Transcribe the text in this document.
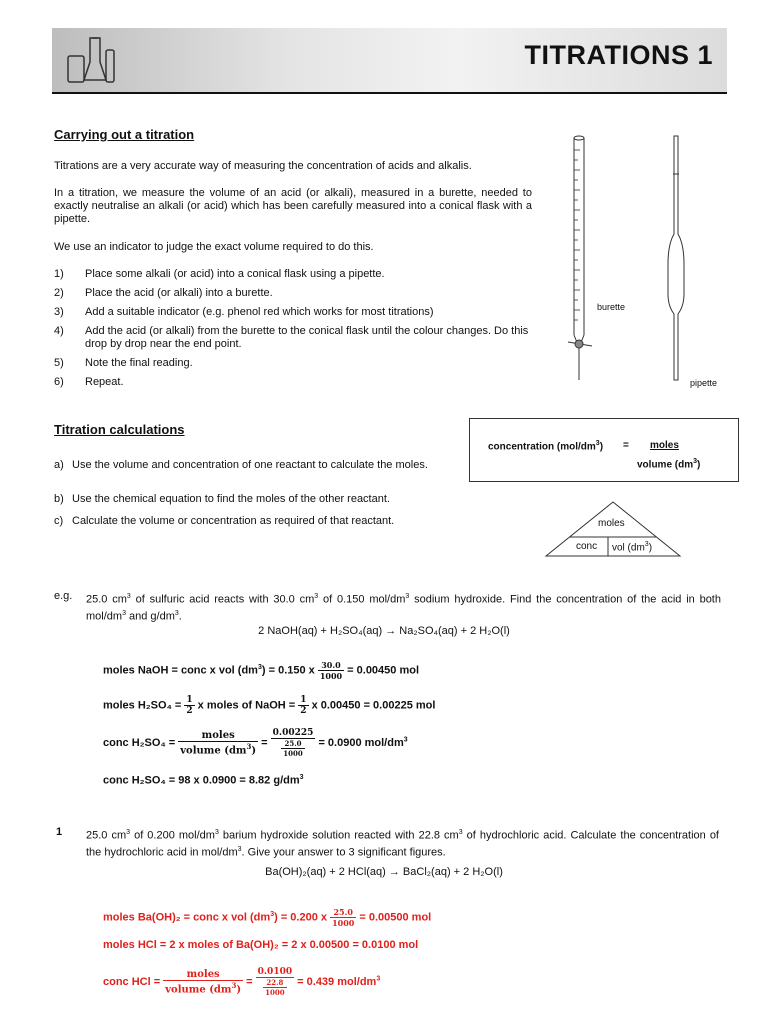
TITRATIONS 1
Carrying out a titration
Titrations are a very accurate way of measuring the concentration of acids and alkalis.
In a titration, we measure the volume of an acid (or alkali), measured in a burette, needed to exactly neutralise an alkali (or acid) which has been carefully measured into a conical flask with a pipette.
We use an indicator to judge the exact volume required to do this.
1) Place some alkali (or acid) into a conical flask using a pipette.
2) Place the acid (or alkali) into a burette.
3) Add a suitable indicator (e.g. phenol red which works for most titrations)
4) Add the acid (or alkali) from the burette to the conical flask until the colour changes. Do this drop by drop near the end point.
5) Note the final reading.
6) Repeat.
burette
pipette
Titration calculations
a) Use the volume and concentration of one reactant to calculate the moles.
b) Use the chemical equation to find the moles of the other reactant.
c) Calculate the volume or concentration as required of that reactant.
concentration $(mol/dm^3)$ = moles
volume $(dm^3)$
moles
conc vol $(dm^3)$
e.g. 25.0 $cm^3$ of sulfuric acid reacts with 30.0 $cm^3$ of 0.150 mol/$dm^3$ sodium hydroxide. Find the concentration of the acid in both mol/$dm^3$ and $g/dm^3$.
2 NaOH(aq) + H₂SO₄(aq) → Na₂SO₄(aq) + 2 H₂O(l)
moles NaOH = conc x vol $(dm^3) = 0.150$ x $\frac{30.0}{1000} = 0.00450$ mol
moles $H_2SO_4 = \frac{1}{2}$ x moles of NaOH = $\frac{1}{2}$ x 0.00450 = 0.00225 mol
conc $H_2SO_4 = \frac{\text{moles}}{volume (dm^3)} = \frac{0.00225}{\frac{25.0}{1000}} = 0.0900$ mol/$dm^3$
conc H₂SO₄ = 98 x 0.0900 = 8.82 $g/dm^3$
1 25.0 $cm^3$ of 0.200 mol/$dm^3$ barium hydroxide solution reacted with 22.8 $cm^3$ of hydrochloric acid. Calculate the concentration of the hydrochloric acid in mol/$dm^3$. Give your answer to 3 significant figures.
Ba(OH)₂(aq) + 2 HCl(aq) → BaCl₂(aq) + 2 H₂O(l)
moles Ba(OH)₂ = conc x vol $(dm^3) = 0.200$ x $\frac{25.0}{1000} = 0.00500$ mol
moles HCl = 2 x moles of Ba(OH)₂ = 2 x 0.00500 = 0.0100 mol
conc HCl = $\frac{\text{moles}}{volume (dm^3)} = \frac{0.0100}{\frac{22.8}{1000}} = 0.439$ mol/$dm^3$
